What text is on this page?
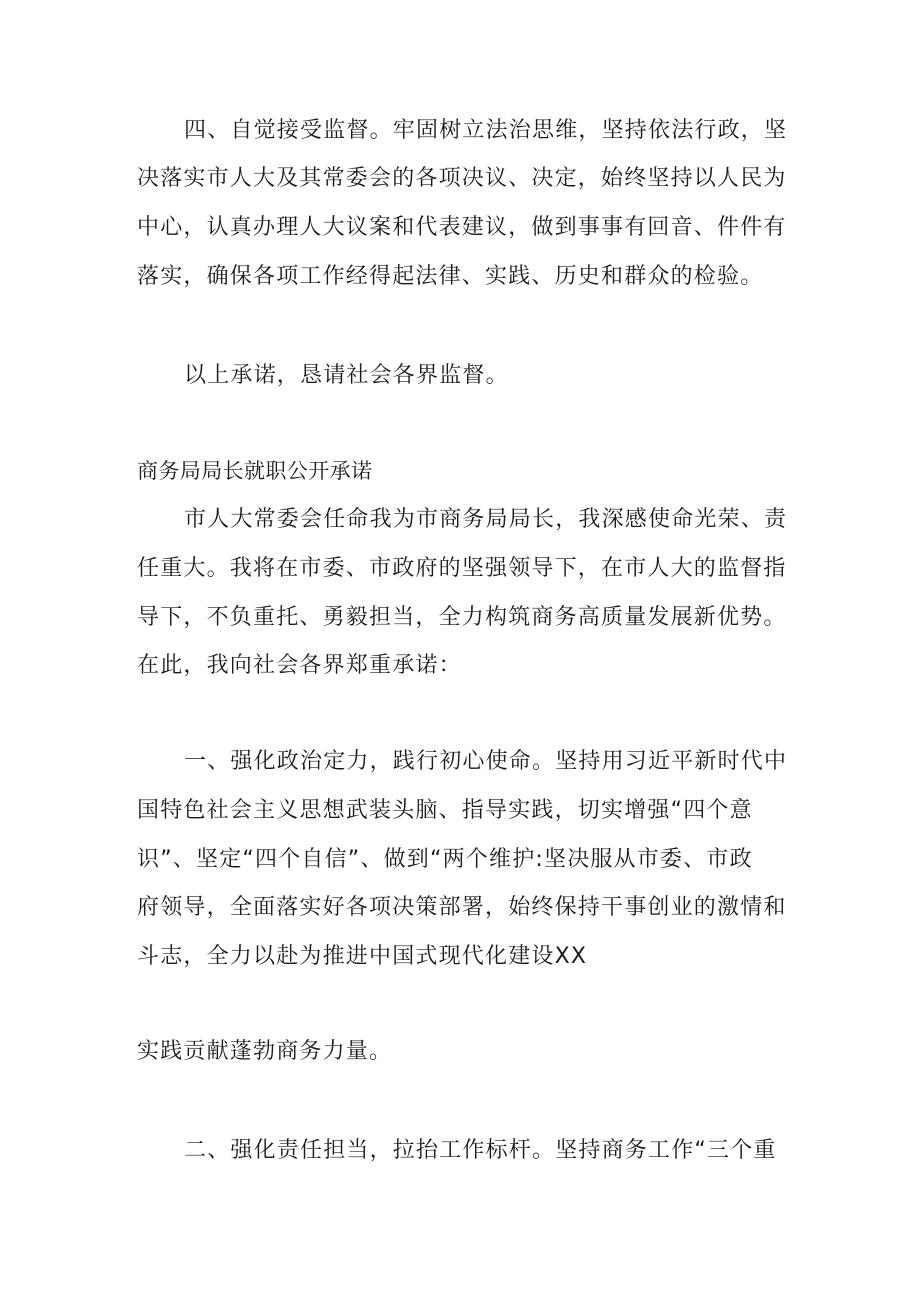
四、自觉接受监督。牢固树立法治思维，坚持依法行政，坚
决落实市人大及其常委会的各项决议、决定，始终坚持以人民为
中心，认真办理人大议案和代表建议，做到事事有回音、件件有
落实，确保各项工作经得起法律、实践、历史和群众的检验。
以上承诺，恳请社会各界监督。
商务局局长就职公开承诺
市人大常委会任命我为市商务局局长，我深感使命光荣、责
任重大。我将在市委、市政府的坚强领导下，在市人大的监督指
导下，不负重托、勇毅担当，全力构筑商务高质量发展新优势。
在此，我向社会各界郑重承诺：
一、强化政治定力，践行初心使命。坚持用习近平新时代中
国特色社会主义思想武装头脑、指导实践，切实增强“四个意
识”、坚定“四个自信”、做到“两个维护:坚决服从市委、市政
府领导，全面落实好各项决策部署，始终保持干事创业的激情和
斗志，全力以赴为推进中国式现代化建设XX
实践贡献蓬勃商务力量。
二、强化责任担当，拉抬工作标杆。坚持商务工作“三个重
